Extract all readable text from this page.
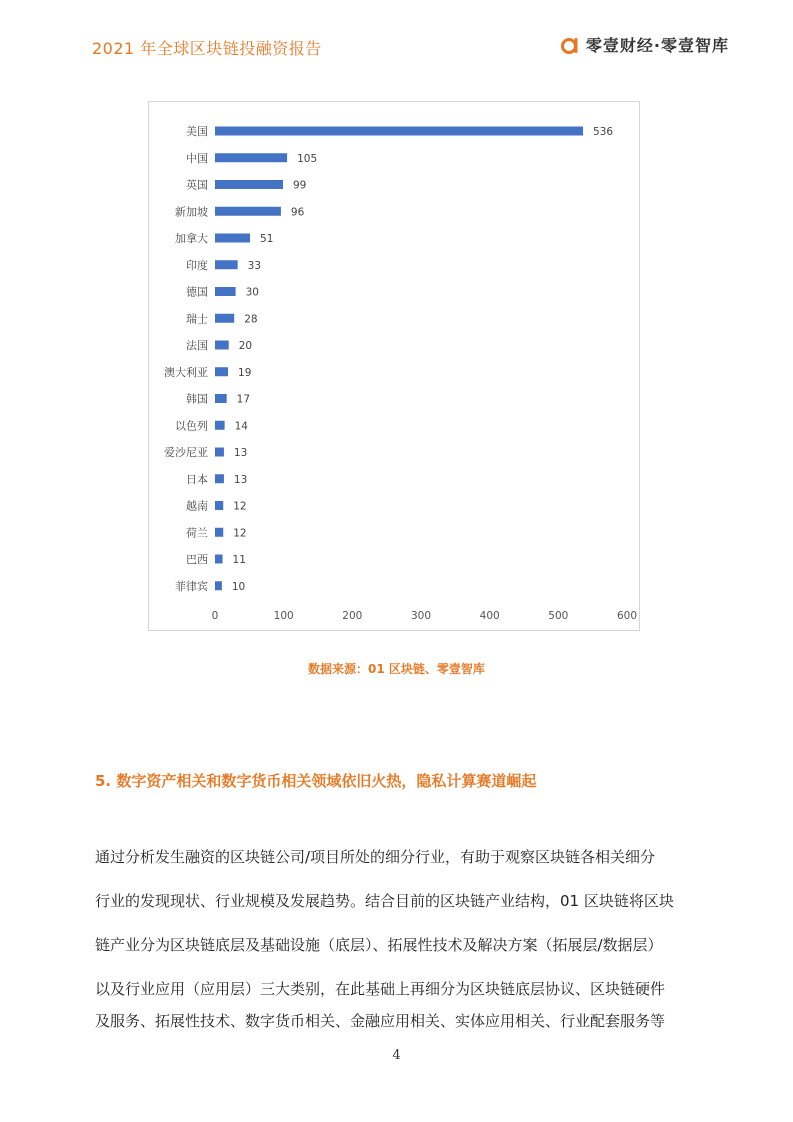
2021 年全球区块链投融资报告	零壹财经·零壹智库
美国	536
中国	105
英国	99
新加坡	96
加拿大	51
印度	33
德国	30
瑞士	28
法国	20
澳大利亚	19
韩国	17
以色列	14
爱沙尼亚 13
日本 13
越南 12
荷兰 12
巴西 11
菲律宾 10
0	100	200	300	400	500	600
数据来源：01 区块链、零壹智库
5. 数字资产相关和数字货币相关领域依旧火热，隐私计算赛道崛起
通过分析发生融资的区块链公司/项目所处的细分行业，有助于观察区块链各相关细分
行业的发现现状、行业规模及发展趋势。结合目前的区块链产业结构，01 区块链将区块
链产业分为区块链底层及基础设施（底层）、拓展性技术及解决方案（拓展层/数据层）
以及行业应用（应用层）三大类别，在此基础上再细分为区块链底层协议、区块链硬件
及服务、拓展性技术、数字货币相关、金融应用相关、实体应用相关、行业配套服务等
4
